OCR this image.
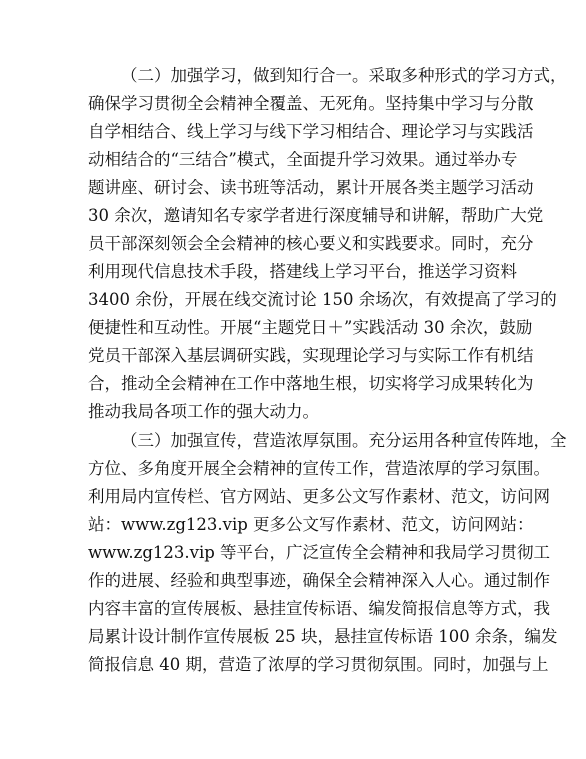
（二）加强学习，做到知行合一。采取多种形式的学习方式，
确保学习贯彻全会精神全覆盖、无死角。坚持集中学习与分散
自学相结合、线上学习与线下学习相结合、理论学习与实践活
动相结合的“三结合”模式，全面提升学习效果。通过举办专
题讲座、研讨会、读书班等活动，累计开展各类主题学习活动
30 余次，邀请知名专家学者进行深度辅导和讲解，帮助广大党
员干部深刻领会全会精神的核心要义和实践要求。同时，充分
利用现代信息技术手段，搭建线上学习平台，推送学习资料
3400 余份，开展在线交流讨论 150 余场次，有效提高了学习的
便捷性和互动性。开展“主题党日＋”实践活动 30 余次，鼓励
党员干部深入基层调研实践，实现理论学习与实际工作有机结
合，推动全会精神在工作中落地生根，切实将学习成果转化为
推动我局各项工作的强大动力。
（三）加强宣传，营造浓厚氛围。充分运用各种宣传阵地，全
方位、多角度开展全会精神的宣传工作，营造浓厚的学习氛围。
利用局内宣传栏、官方网站、更多公文写作素材、范文，访问网
站：www.zg123.vip 更多公文写作素材、范文，访问网站：
www.zg123.vip 等平台，广泛宣传全会精神和我局学习贯彻工
作的进展、经验和典型事迹，确保全会精神深入人心。通过制作
内容丰富的宣传展板、悬挂宣传标语、编发简报信息等方式，我
局累计设计制作宣传展板 25 块，悬挂宣传标语 100 余条，编发
简报信息 40 期，营造了浓厚的学习贯彻氛围。同时，加强与上
